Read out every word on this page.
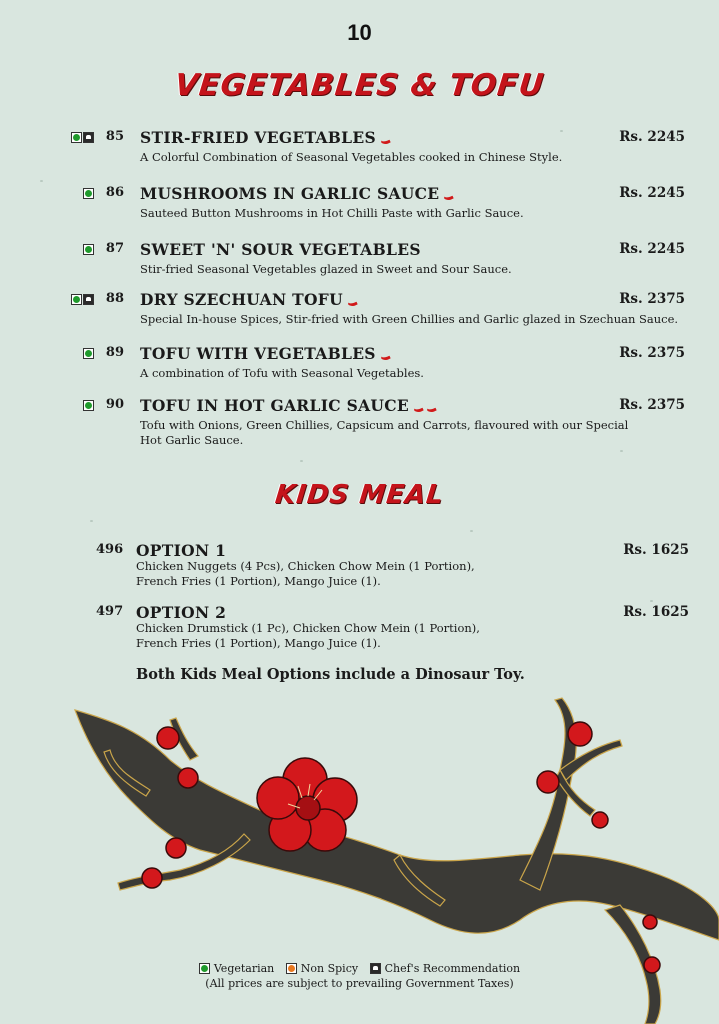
10
VEGETABLES & TOFU
85 STIR-FRIED VEGETABLES	Rs. 2245
A Colorful Combination of Seasonal Vegetables cooked in Chinese Style.
86 MUSHROOMS IN GARLIC SAUCE	Rs. 2245
Sauteed Button Mushrooms in Hot Chilli Paste with Garlic Sauce.
87 SWEET 'N' SOUR VEGETABLES	Rs. 2245
Stir-fried Seasonal Vegetables glazed in Sweet and Sour Sauce.
88 DRY SZECHUAN TOFU	Rs. 2375
Special In-house Spices, Stir-fried with Green Chillies and Garlic glazed in Szechuan Sauce.
89 TOFU WITH VEGETABLES	Rs. 2375
A combination of Tofu with Seasonal Vegetables.
90 TOFU IN HOT GARLIC SAUCE	Rs. 2375
Tofu with Onions, Green Chillies, Capsicum and Carrots, flavoured with our Special Hot Garlic Sauce.
KIDS MEAL
496 OPTION 1	Rs. 1625
Chicken Nuggets (4 Pcs), Chicken Chow Mein (1 Portion), French Fries (1 Portion), Mango Juice (1).
497 OPTION 2	Rs. 1625
Chicken Drumstick (1 Pc), Chicken Chow Mein (1 Portion), French Fries (1 Portion), Mango Juice (1).
Both Kids Meal Options include a Dinosaur Toy.
Vegetarian
Non Spicy
Chef's Recommendation
(All prices are subject to prevailing Government Taxes)
